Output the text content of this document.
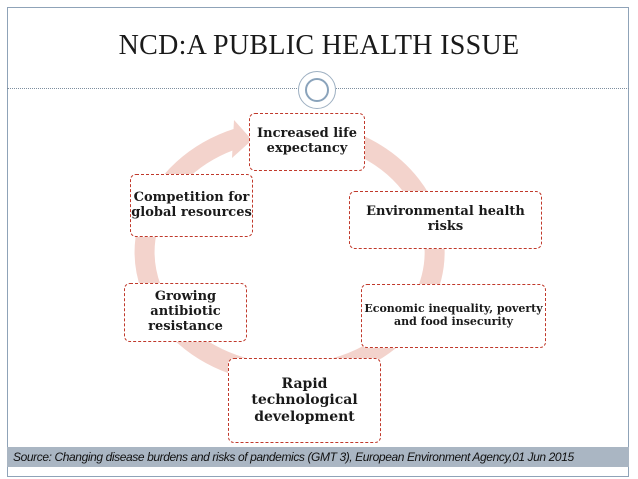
NCD:A PUBLIC HEALTH ISSUE
Increased life expectancy
Environmental health risks
Economic inequality, poverty and food insecurity
Rapid technological development
Growing antibiotic resistance
Competition for global resources
Source: Changing disease burdens and risks of pandemics (GMT 3), European Environment Agency,01 Jun 2015
